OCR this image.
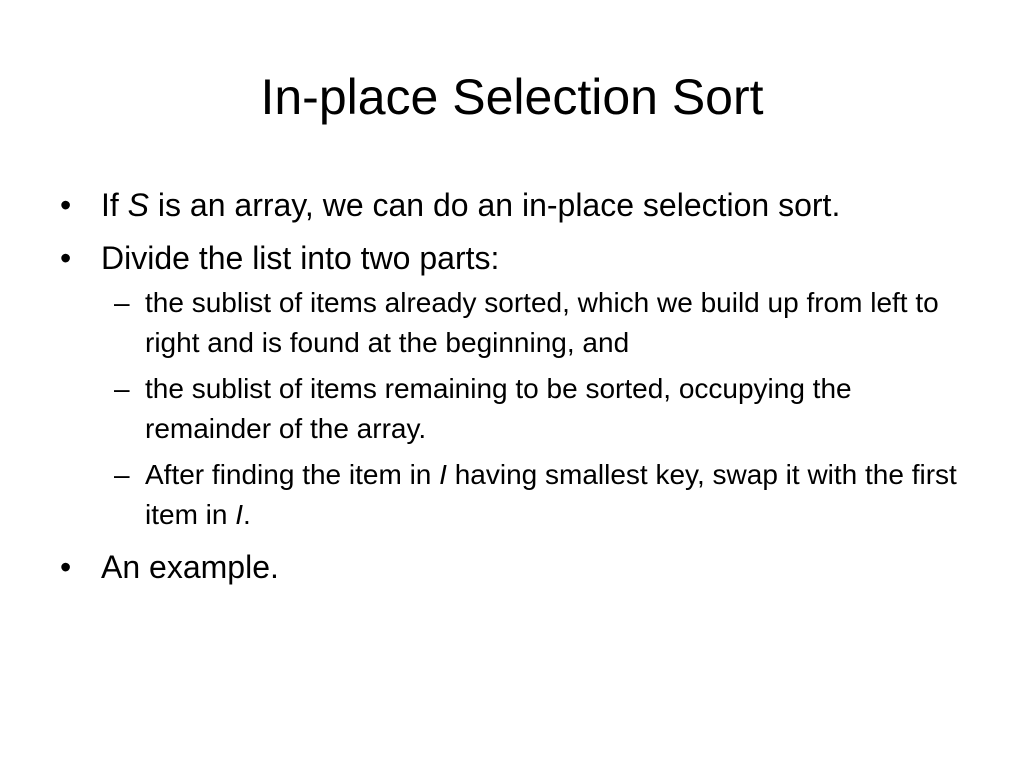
In-place Selection Sort
• If S is an array, we can do an in-place selection sort.
• Divide the list into two parts:
– the sublist of items already sorted, which we build up from left to right and is found at the beginning, and
– the sublist of items remaining to be sorted, occupying the remainder of the array.
– After finding the item in I having smallest key, swap it with the first item in I.
• An example.
